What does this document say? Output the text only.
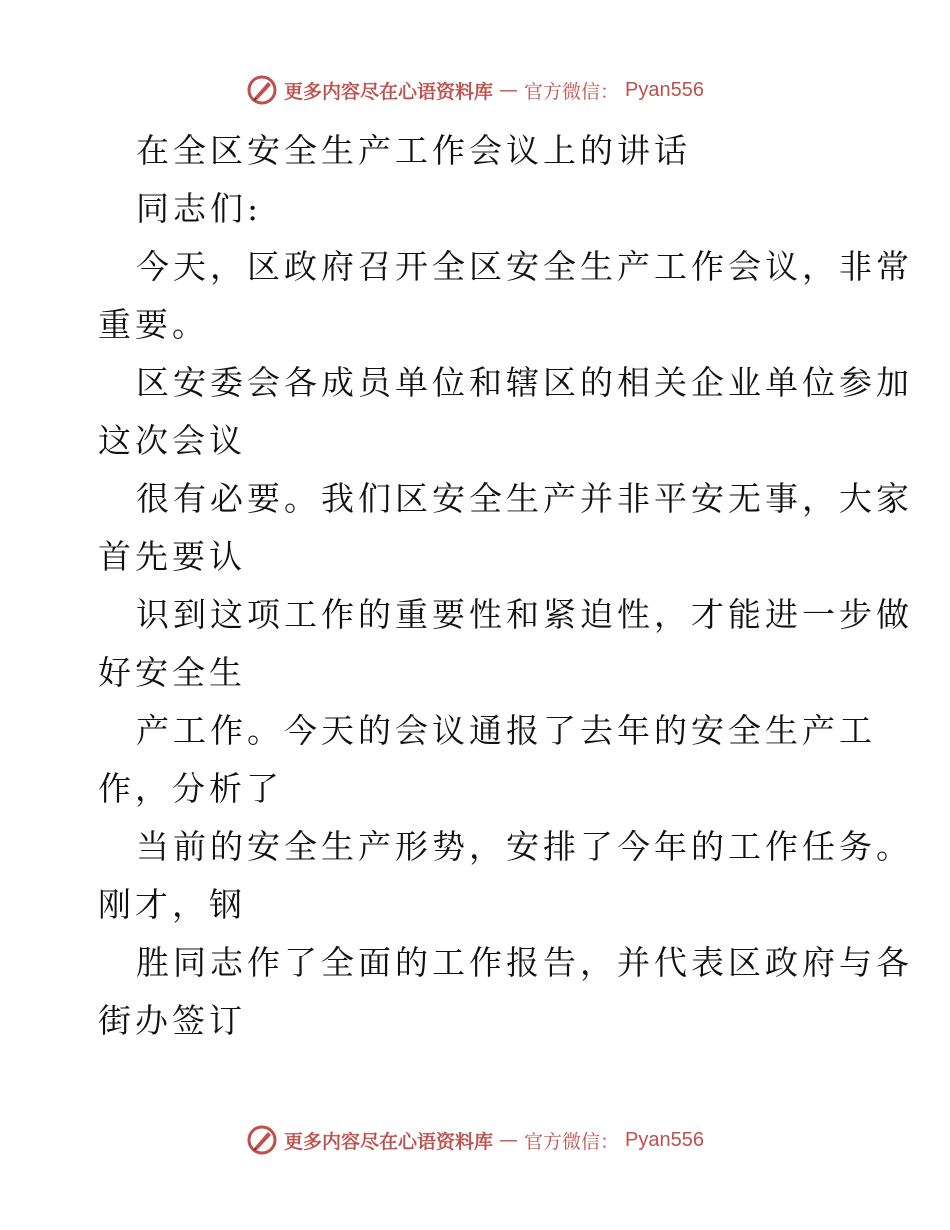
更多内容尽在心语资料库 — 官方微信： Pyan556
在全区安全生产工作会议上的讲话
同志们:
今天，区政府召开全区安全生产工作会议，非常
重要。
区安委会各成员单位和辖区的相关企业单位参加
这次会议
很有必要。我们区安全生产并非平安无事，大家
首先要认
识到这项工作的重要性和紧迫性，才能进一步做
好安全生
产工作。今天的会议通报了去年的安全生产工
作，分析了
当前的安全生产形势，安排了今年的工作任务。
刚才，钢
胜同志作了全面的工作报告，并代表区政府与各
街办签订
更多内容尽在心语资料库 — 官方微信： Pyan556
